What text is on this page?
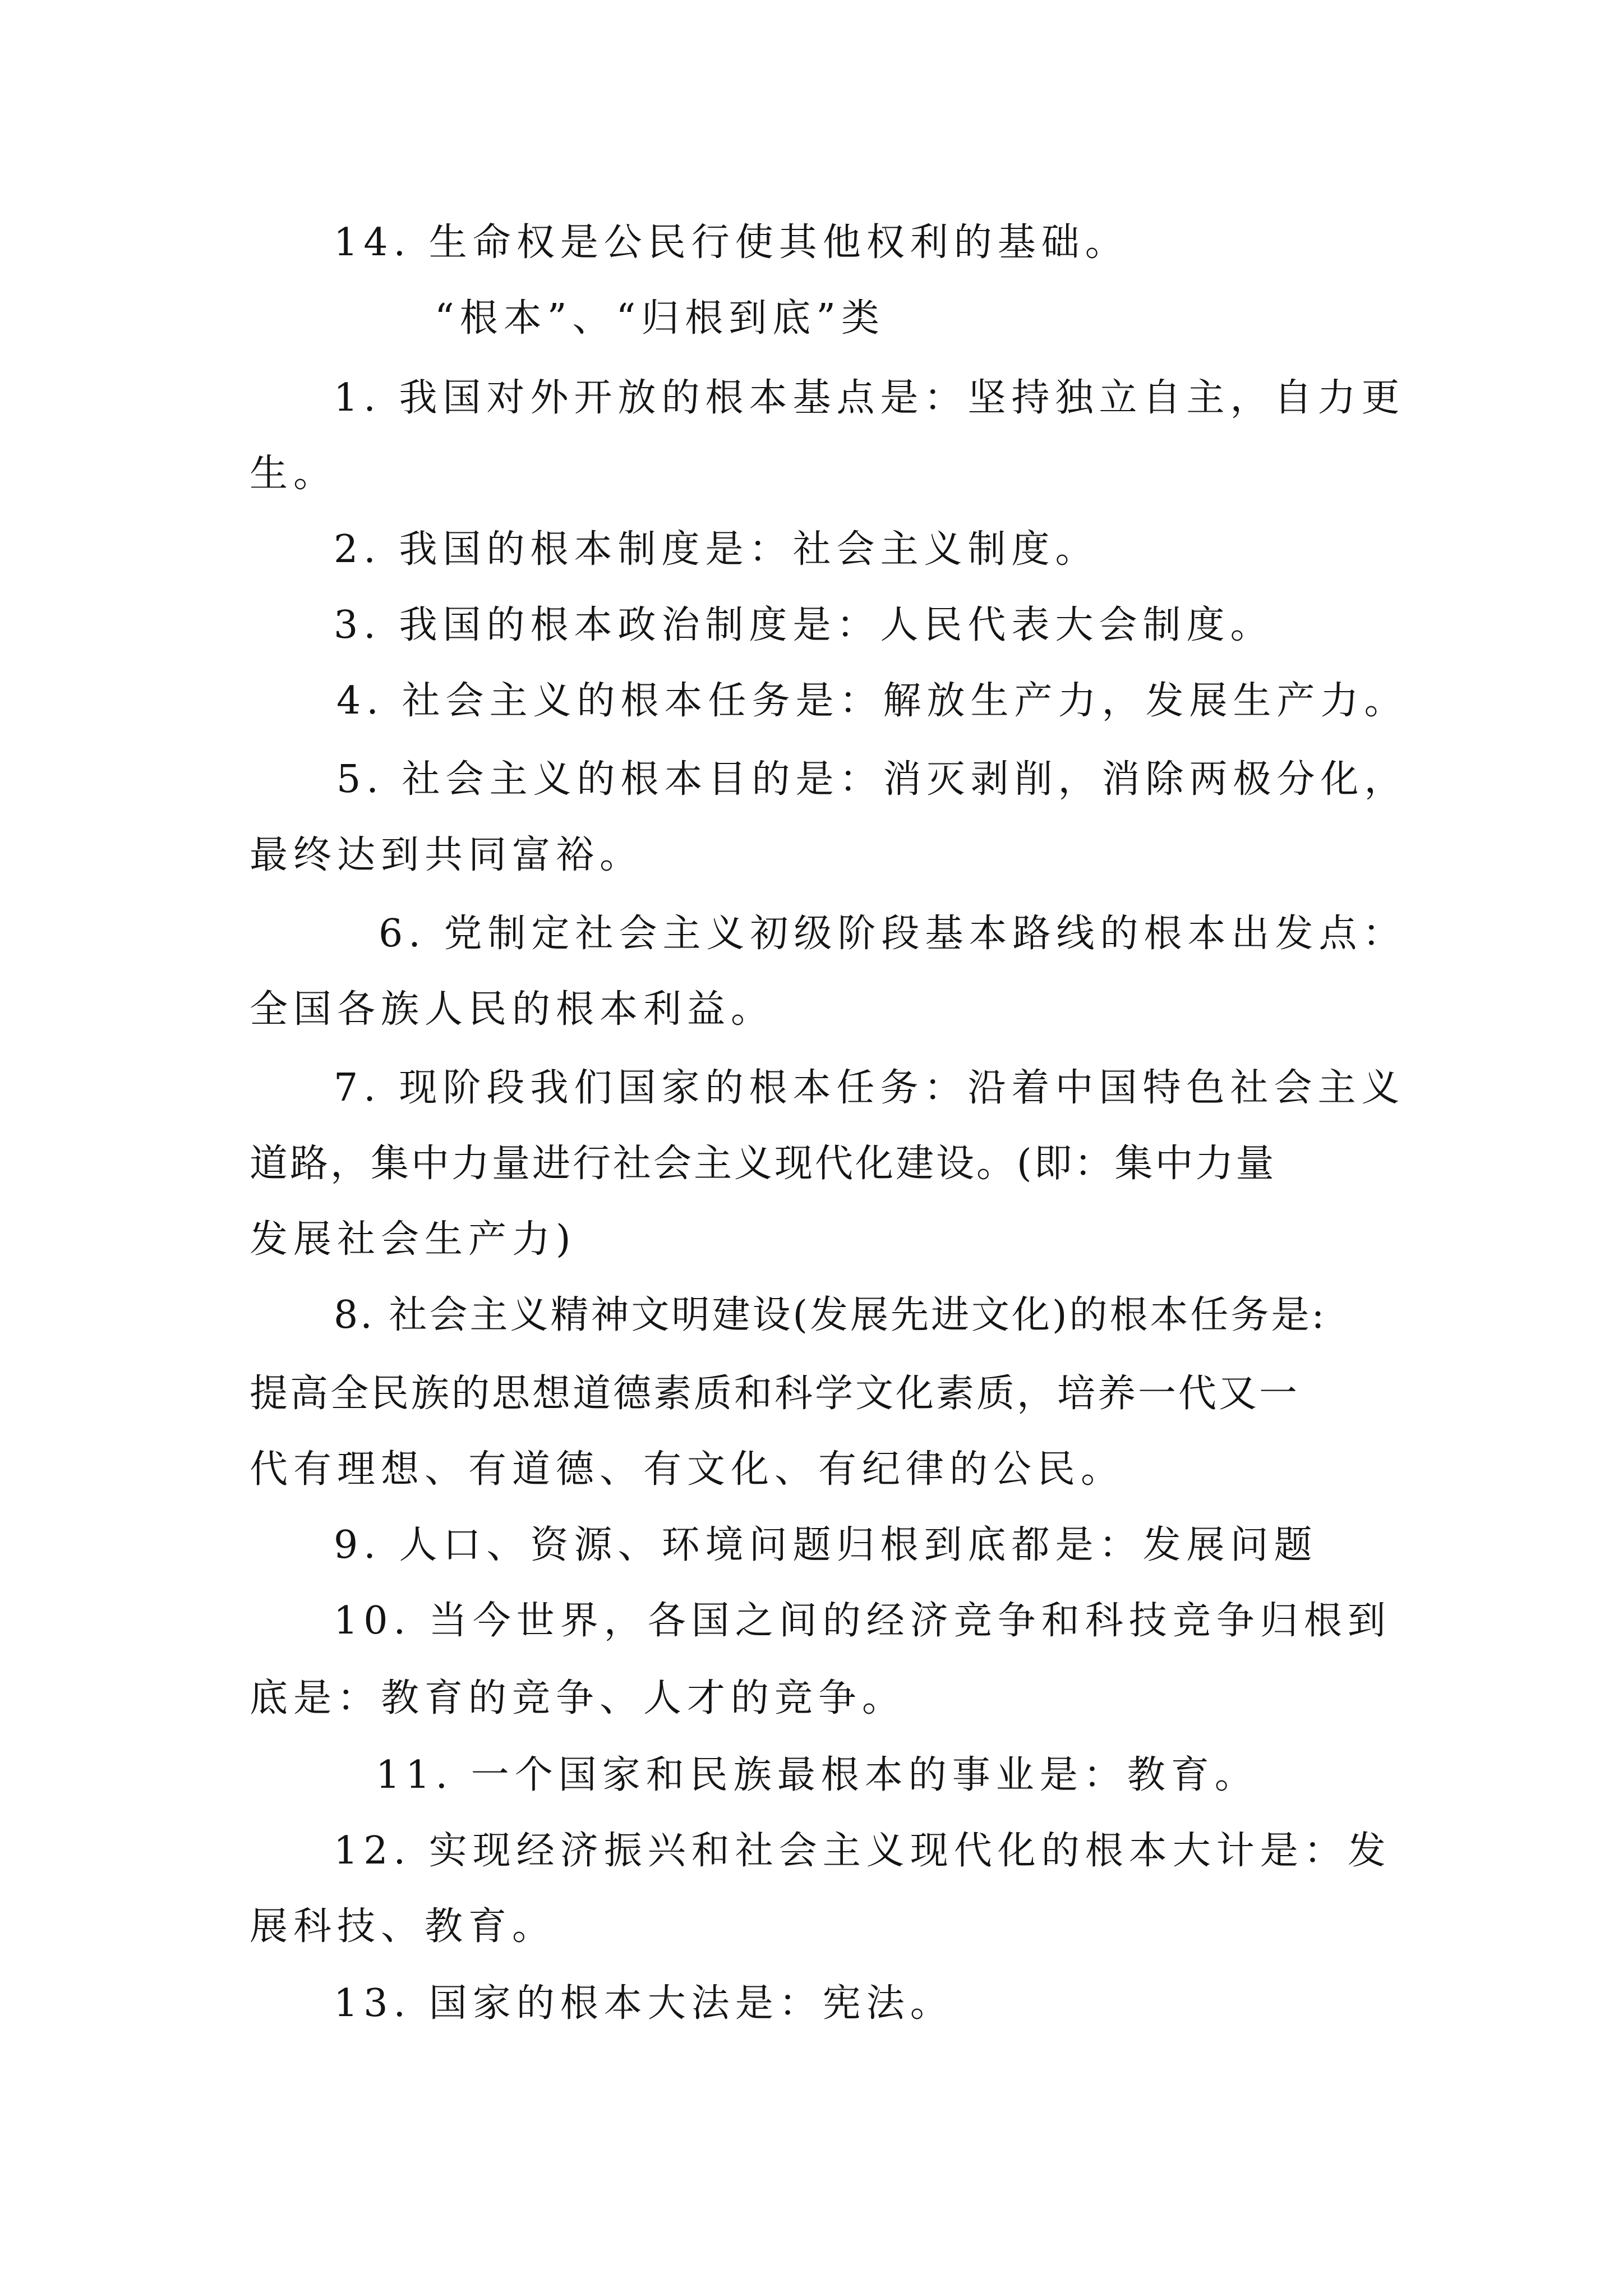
14. 生命权是公民行使其他权利的基础。
“根本”、“归根到底”类
1. 我国对外开放的根本基点是：坚持独立自主，自力更
生。
2. 我国的根本制度是：社会主义制度。
3. 我国的根本政治制度是：人民代表大会制度。
4. 社会主义的根本任务是：解放生产力，发展生产力。
5. 社会主义的根本目的是：消灭剥削，消除两极分化，
最终达到共同富裕。
6. 党制定社会主义初级阶段基本路线的根本出发点：
全国各族人民的根本利益。
7. 现阶段我们国家的根本任务：沿着中国特色社会主义
道路，集中力量进行社会主义现代化建设。(即：集中力量
发展社会生产力)
8. 社会主义精神文明建设(发展先进文化)的根本任务是:
提高全民族的思想道德素质和科学文化素质，培养一代又一
代有理想、有道德、有文化、有纪律的公民。
9. 人口、资源、环境问题归根到底都是：发展问题
10. 当今世界，各国之间的经济竞争和科技竞争归根到
底是：教育的竞争、人才的竞争。
11. 一个国家和民族最根本的事业是：教育。
12. 实现经济振兴和社会主义现代化的根本大计是：发
展科技、教育。
13. 国家的根本大法是：宪法。
